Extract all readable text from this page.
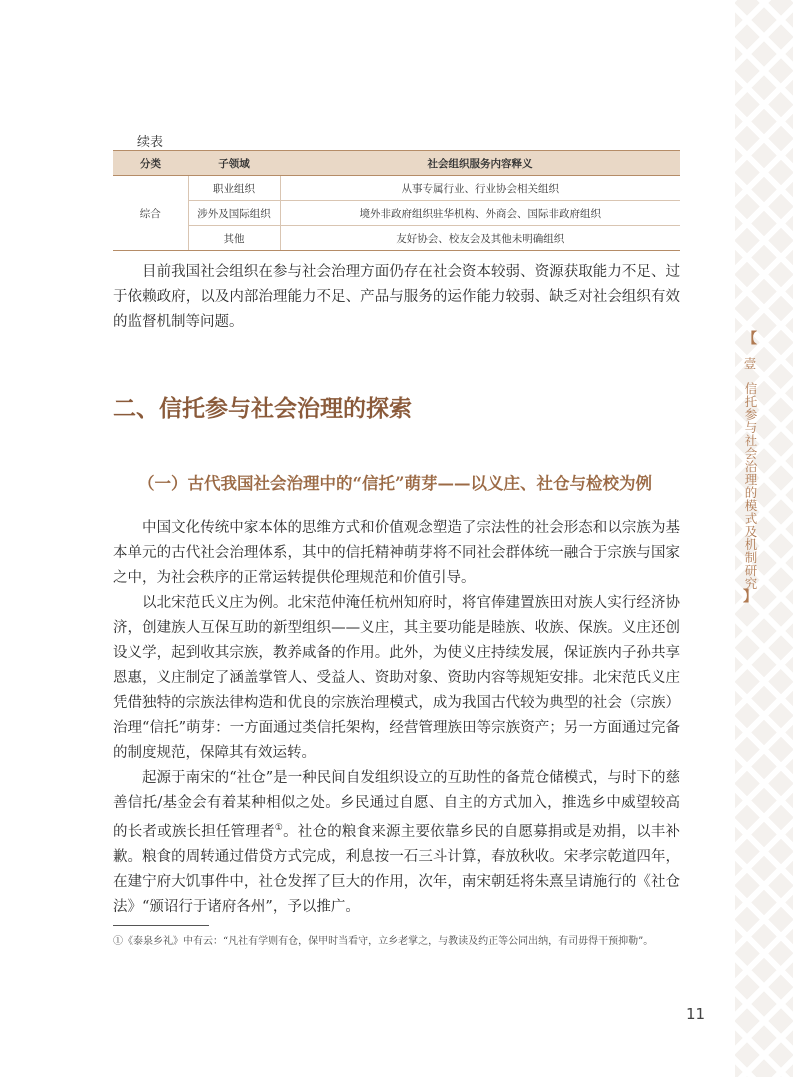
续表
分类	子领域	社会组织服务内容释义
综合	职业组织	从事专属行业、行业协会相关组织
	涉外及国际组织	境外非政府组织驻华机构、外商会、国际非政府组织
	其他	友好协会、校友会及其他未明确组织

目前我国社会组织在参与社会治理方面仍存在社会资本较弱、资源获取能力不足、过于依赖政府，以及内部治理能力不足、产品与服务的运作能力较弱、缺乏对社会组织有效的监督机制等问题。

二、信托参与社会治理的探索
（一）古代我国社会治理中的“信托”萌芽——以义庄、社仓与检校为例

中国文化传统中家本体的思维方式和价值观念塑造了宗法性的社会形态和以宗族为基本单元的古代社会治理体系，其中的信托精神萌芽将不同社会群体统一融合于宗族与国家之中，为社会秩序的正常运转提供伦理规范和价值引导。

以北宋范氏义庄为例。北宋范仲淹任杭州知府时，将官俸建置族田对族人实行经济协济，创建族人互保互助的新型组织——义庄，其主要功能是睦族、收族、保族。义庄还创设义学，起到收其宗族，教养咸备的作用。此外，为使义庄持续发展，保证族内子孙共享恩惠，义庄制定了涵盖掌管人、受益人、资助对象、资助内容等规矩安排。北宋范氏义庄凭借独特的宗族法律构造和优良的宗族治理模式，成为我国古代较为典型的社会（宗族）治理“信托”萌芽：一方面通过类信托架构，经营管理族田等宗族资产；另一方面通过完备的制度规范，保障其有效运转。

起源于南宋的“社仓”是一种民间自发组织设立的互助性的备荒仓储模式，与时下的慈善信托/基金会有着某种相似之处。乡民通过自愿、自主的方式加入，推选乡中威望较高的长者或族长担任管理者①。社仓的粮食来源主要依靠乡民的自愿募捐或是劝捐，以丰补歉。粮食的周转通过借贷方式完成，利息按一石三斗计算，春放秋收。宋孝宗乾道四年，在建宁府大饥事件中，社仓发挥了巨大的作用，次年，南宋朝廷将朱熹呈请施行的《社仓法》“颁诏行于诸府各州”，予以推广。

①《泰泉乡礼》中有云：“凡社有学则有仓，保甲时当看守，立乡老掌之，与教读及约正等公同出纳，有司毋得干预抑勒”。

11
【
壹
信托参与社会治理的模式及机制研究
】
